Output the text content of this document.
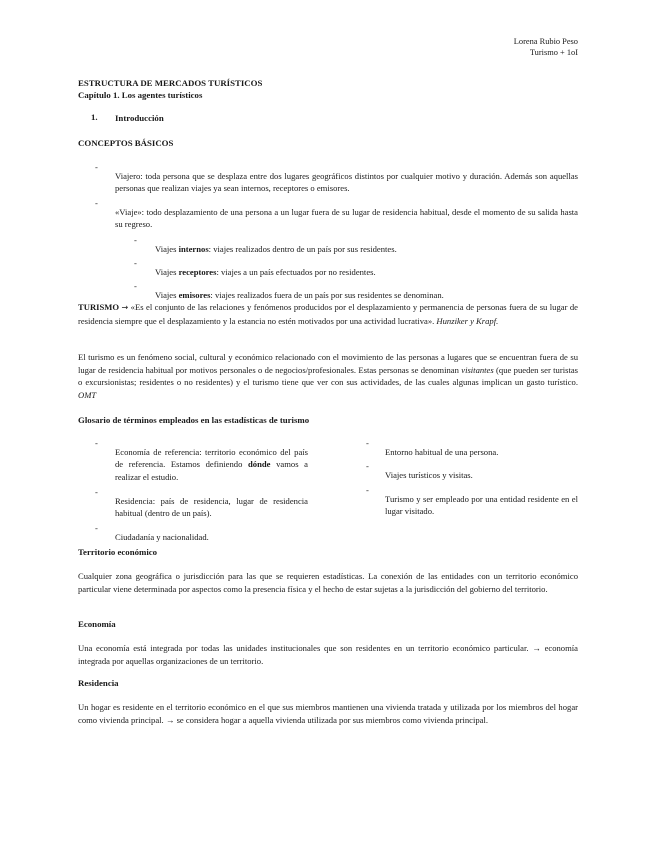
Lorena Rubio Peso
Turismo + 1oI
ESTRUCTURA DE MERCADOS TURÍSTICOS
Capítulo 1. Los agentes turísticos
1. Introducción
CONCEPTOS BÁSICOS
-

Viajero: toda persona que se desplaza entre dos lugares geográficos distintos por cualquier motivo y duración. Además son aquellas personas que realizan viajes ya sean internos, receptores o emisores.

-

«Viaje»: todo desplazamiento de una persona a un lugar fuera de su lugar de residencia habitual, desde el momento de su salida hasta su regreso.

-

Viajes internos: viajes realizados dentro de un país por sus residentes.

-

Viajes receptores: viajes a un país efectuados por no residentes.

-

Viajes emisores: viajes realizados fuera de un país por sus residentes se denominan.

TURISMO → «Es el conjunto de las relaciones y fenómenos producidos por el desplazamiento y permanencia de personas fuera de su lugar de residencia siempre que el desplazamiento y la estancia no estén motivados por una actividad lucrativa». Hunziker y Krapf.

El turismo es un fenómeno social, cultural y económico relacionado con el movimiento de las personas a lugares que se encuentran fuera de su lugar de residencia habitual por motivos personales o de negocios/profesionales. Estas personas se denominan visitantes (que pueden ser turistas o excursionistas; residentes o no residentes) y el turismo tiene que ver con sus actividades, de las cuales algunas implican un gasto turístico. OMT

Glosario de términos empleados en las estadísticas de turismo
-

Economía de referencia: territorio económico del país de referencia. Estamos definiendo dónde vamos a realizar el estudio.

-

Residencia: país de residencia, lugar de residencia habitual (dentro de un país).

-

Ciudadanía y nacionalidad.

-

Entorno habitual de una persona.

-

Viajes turísticos y visitas.

-

Turismo y ser empleado por una entidad residente en el lugar visitado.

Territorio económico

Cualquier zona geográfica o jurisdicción para las que se requieren estadísticas. La conexión de las entidades con un territorio económico particular viene determinada por aspectos como la presencia física y el hecho de estar sujetas a la jurisdicción del gobierno del territorio.

Economía

Una economía está integrada por todas las unidades institucionales que son residentes en un territorio económico particular. → economía integrada por aquellas organizaciones de un territorio.

Residencia

Un hogar es residente en el territorio económico en el que sus miembros mantienen una vivienda tratada y utilizada por los miembros del hogar como vivienda principal. → se considera hogar a aquella vivienda utilizada por sus miembros como vivienda principal.
